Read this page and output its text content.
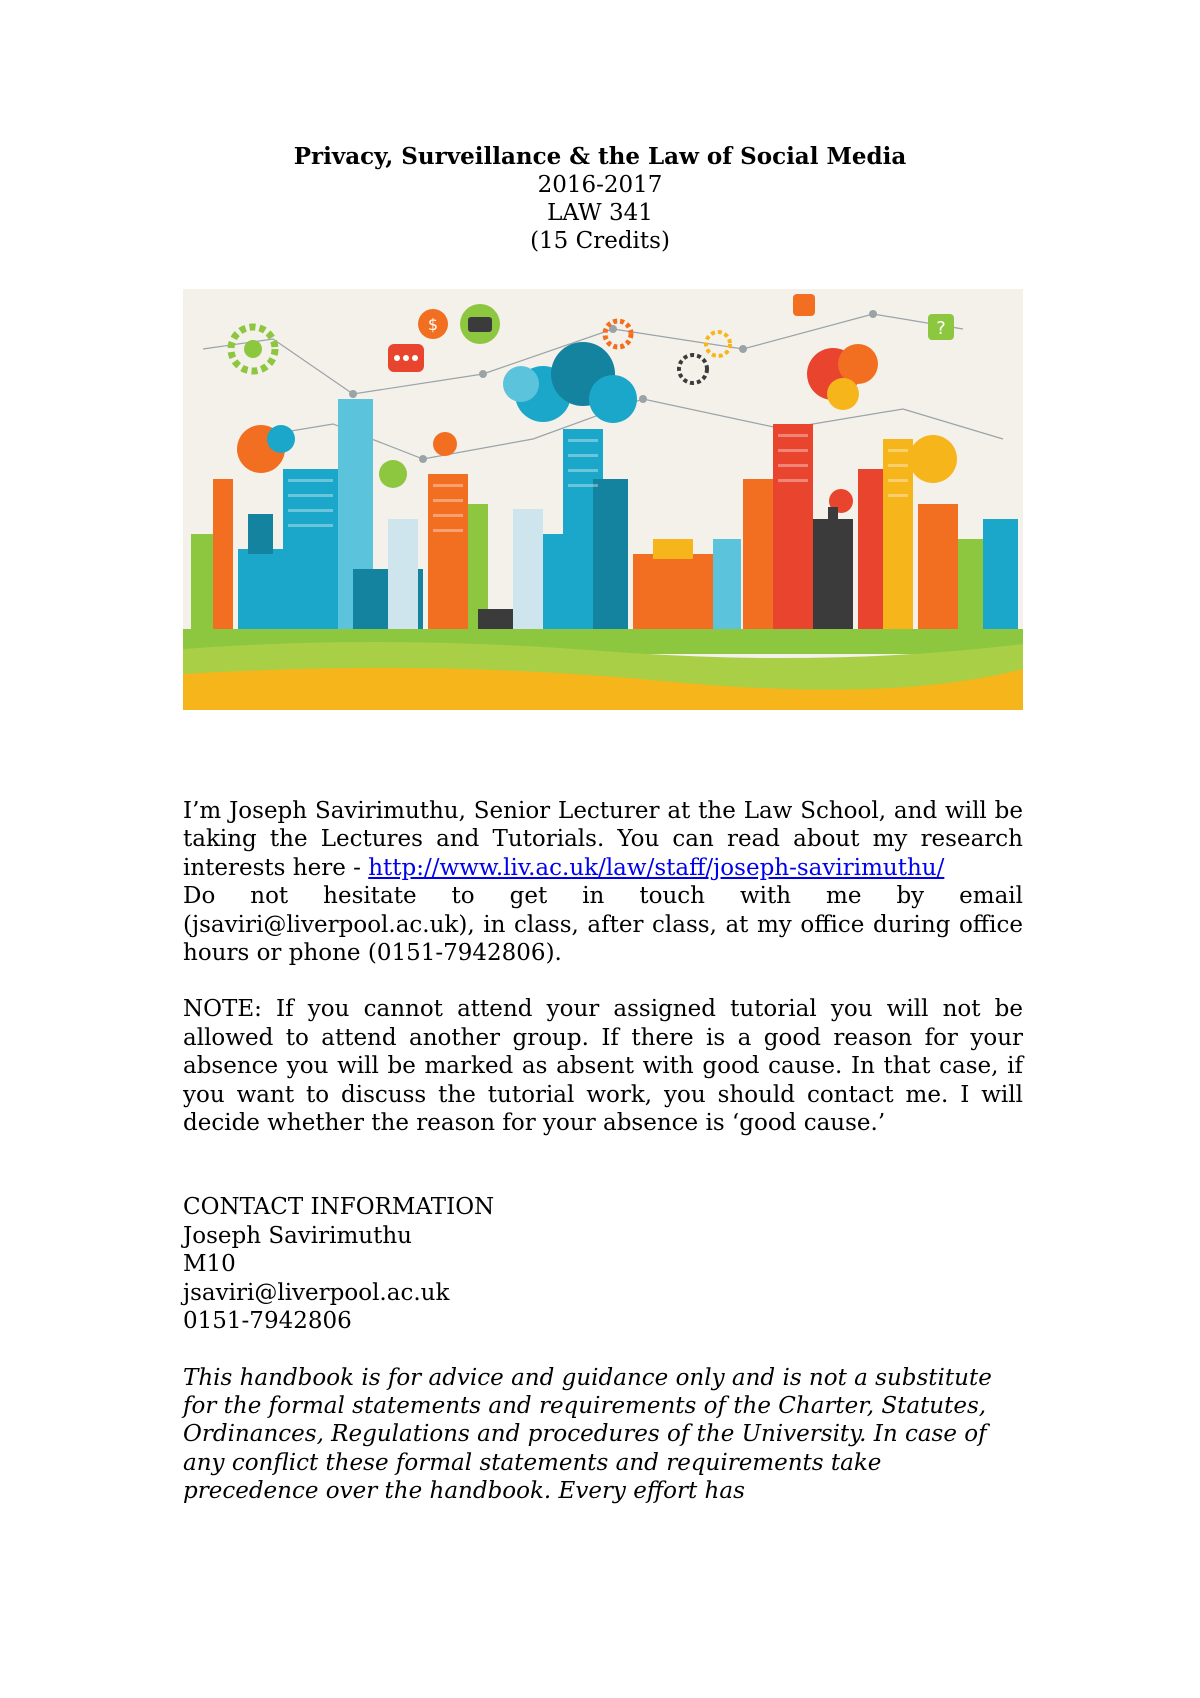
Privacy, Surveillance & the Law of Social Media
2016-2017
LAW 341
(15 Credits)
$	?

I’m Joseph Savirimuthu, Senior Lecturer at the Law School, and will be taking the Lectures and Tutorials. You can read about my research interests here - http://www.liv.ac.uk/law/staff/joseph-savirimuthu/

Do not hesitate to get in touch with me by email (jsaviri@liverpool.ac.uk), in class, after class, at my office during office hours or phone (0151-7942806).

NOTE: If you cannot attend your assigned tutorial you will not be allowed to attend another group. If there is a good reason for your absence you will be marked as absent with good cause. In that case, if you want to discuss the tutorial work, you should contact me. I will decide whether the reason for your absence is ‘good cause.’

CONTACT INFORMATION

Joseph Savirimuthu

M10

jsaviri@liverpool.ac.uk

0151-7942806

This handbook is for advice and guidance only and is not a substitute for the formal statements and requirements of the Charter, Statutes, Ordinances, Regulations and procedures of the University. In case of any conflict these formal statements and requirements take precedence over the handbook. Every effort has
